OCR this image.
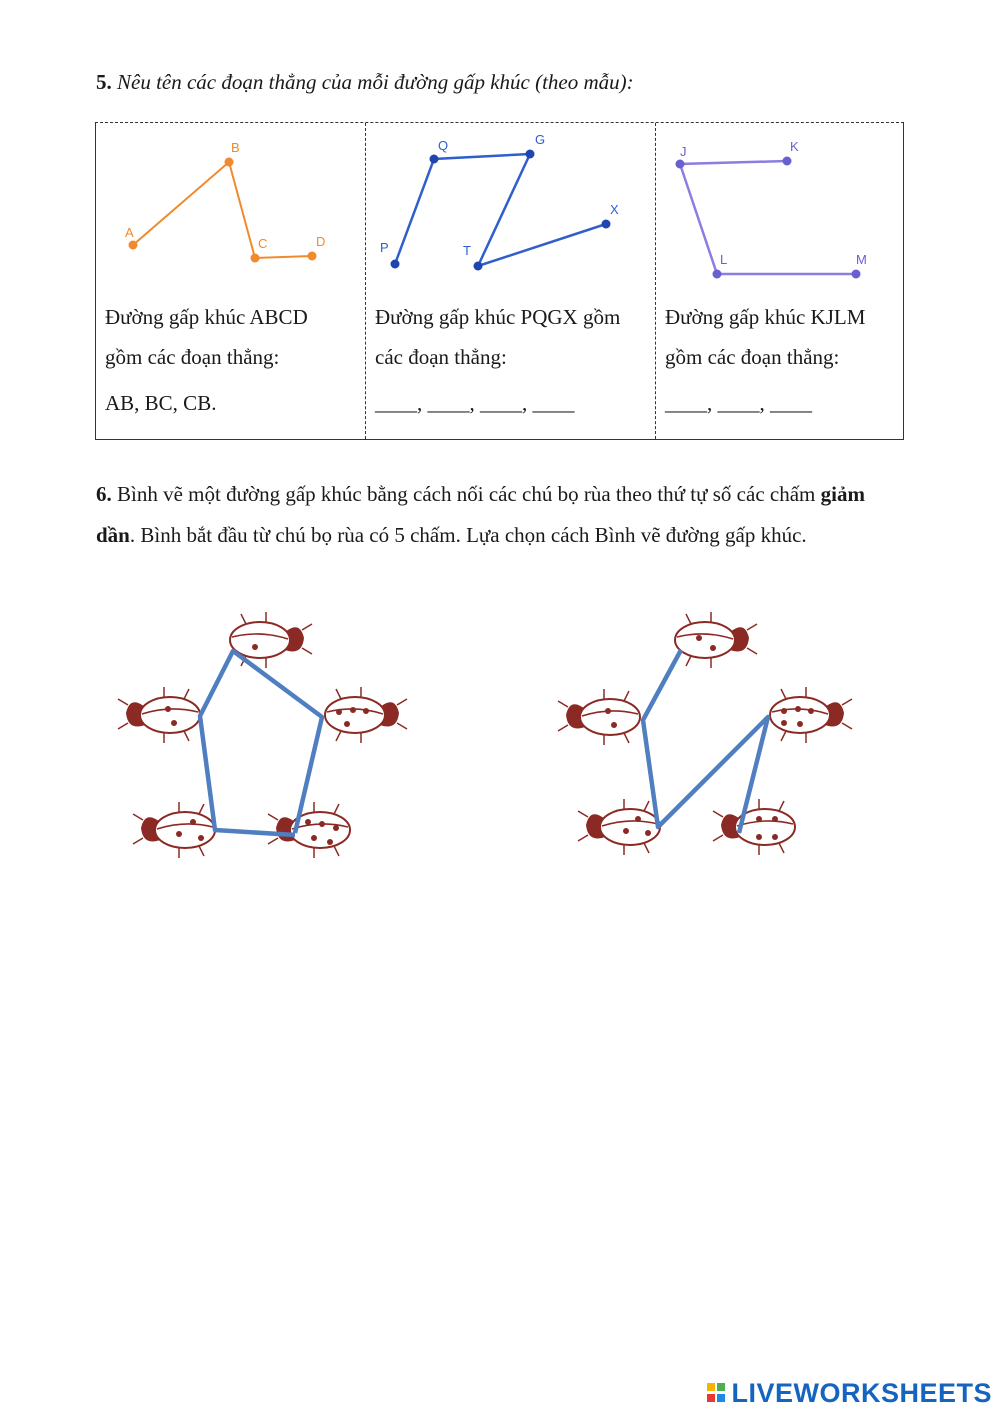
5. Nêu tên các đoạn thẳng của mỗi đường gấp khúc (theo mẫu):
A
B
C	D
Đường gấp khúc ABCD
gồm các đoạn thẳng:
AB, BC, CB.
P
Q	G
T
X
Đường gấp khúc PQGX gồm
các đoạn thẳng:
____, ____, ____, ____
J	K
L	M
Đường gấp khúc KJLM
gồm các đoạn thẳng:
____, ____, ____
6. Bình vẽ một đường gấp khúc bằng cách nối các chú bọ rùa theo thứ tự số các chấm giảm dần. Bình bắt đầu từ chú bọ rùa có 5 chấm. Lựa chọn cách Bình vẽ đường gấp khúc.
LIVEWORKSHEETS
